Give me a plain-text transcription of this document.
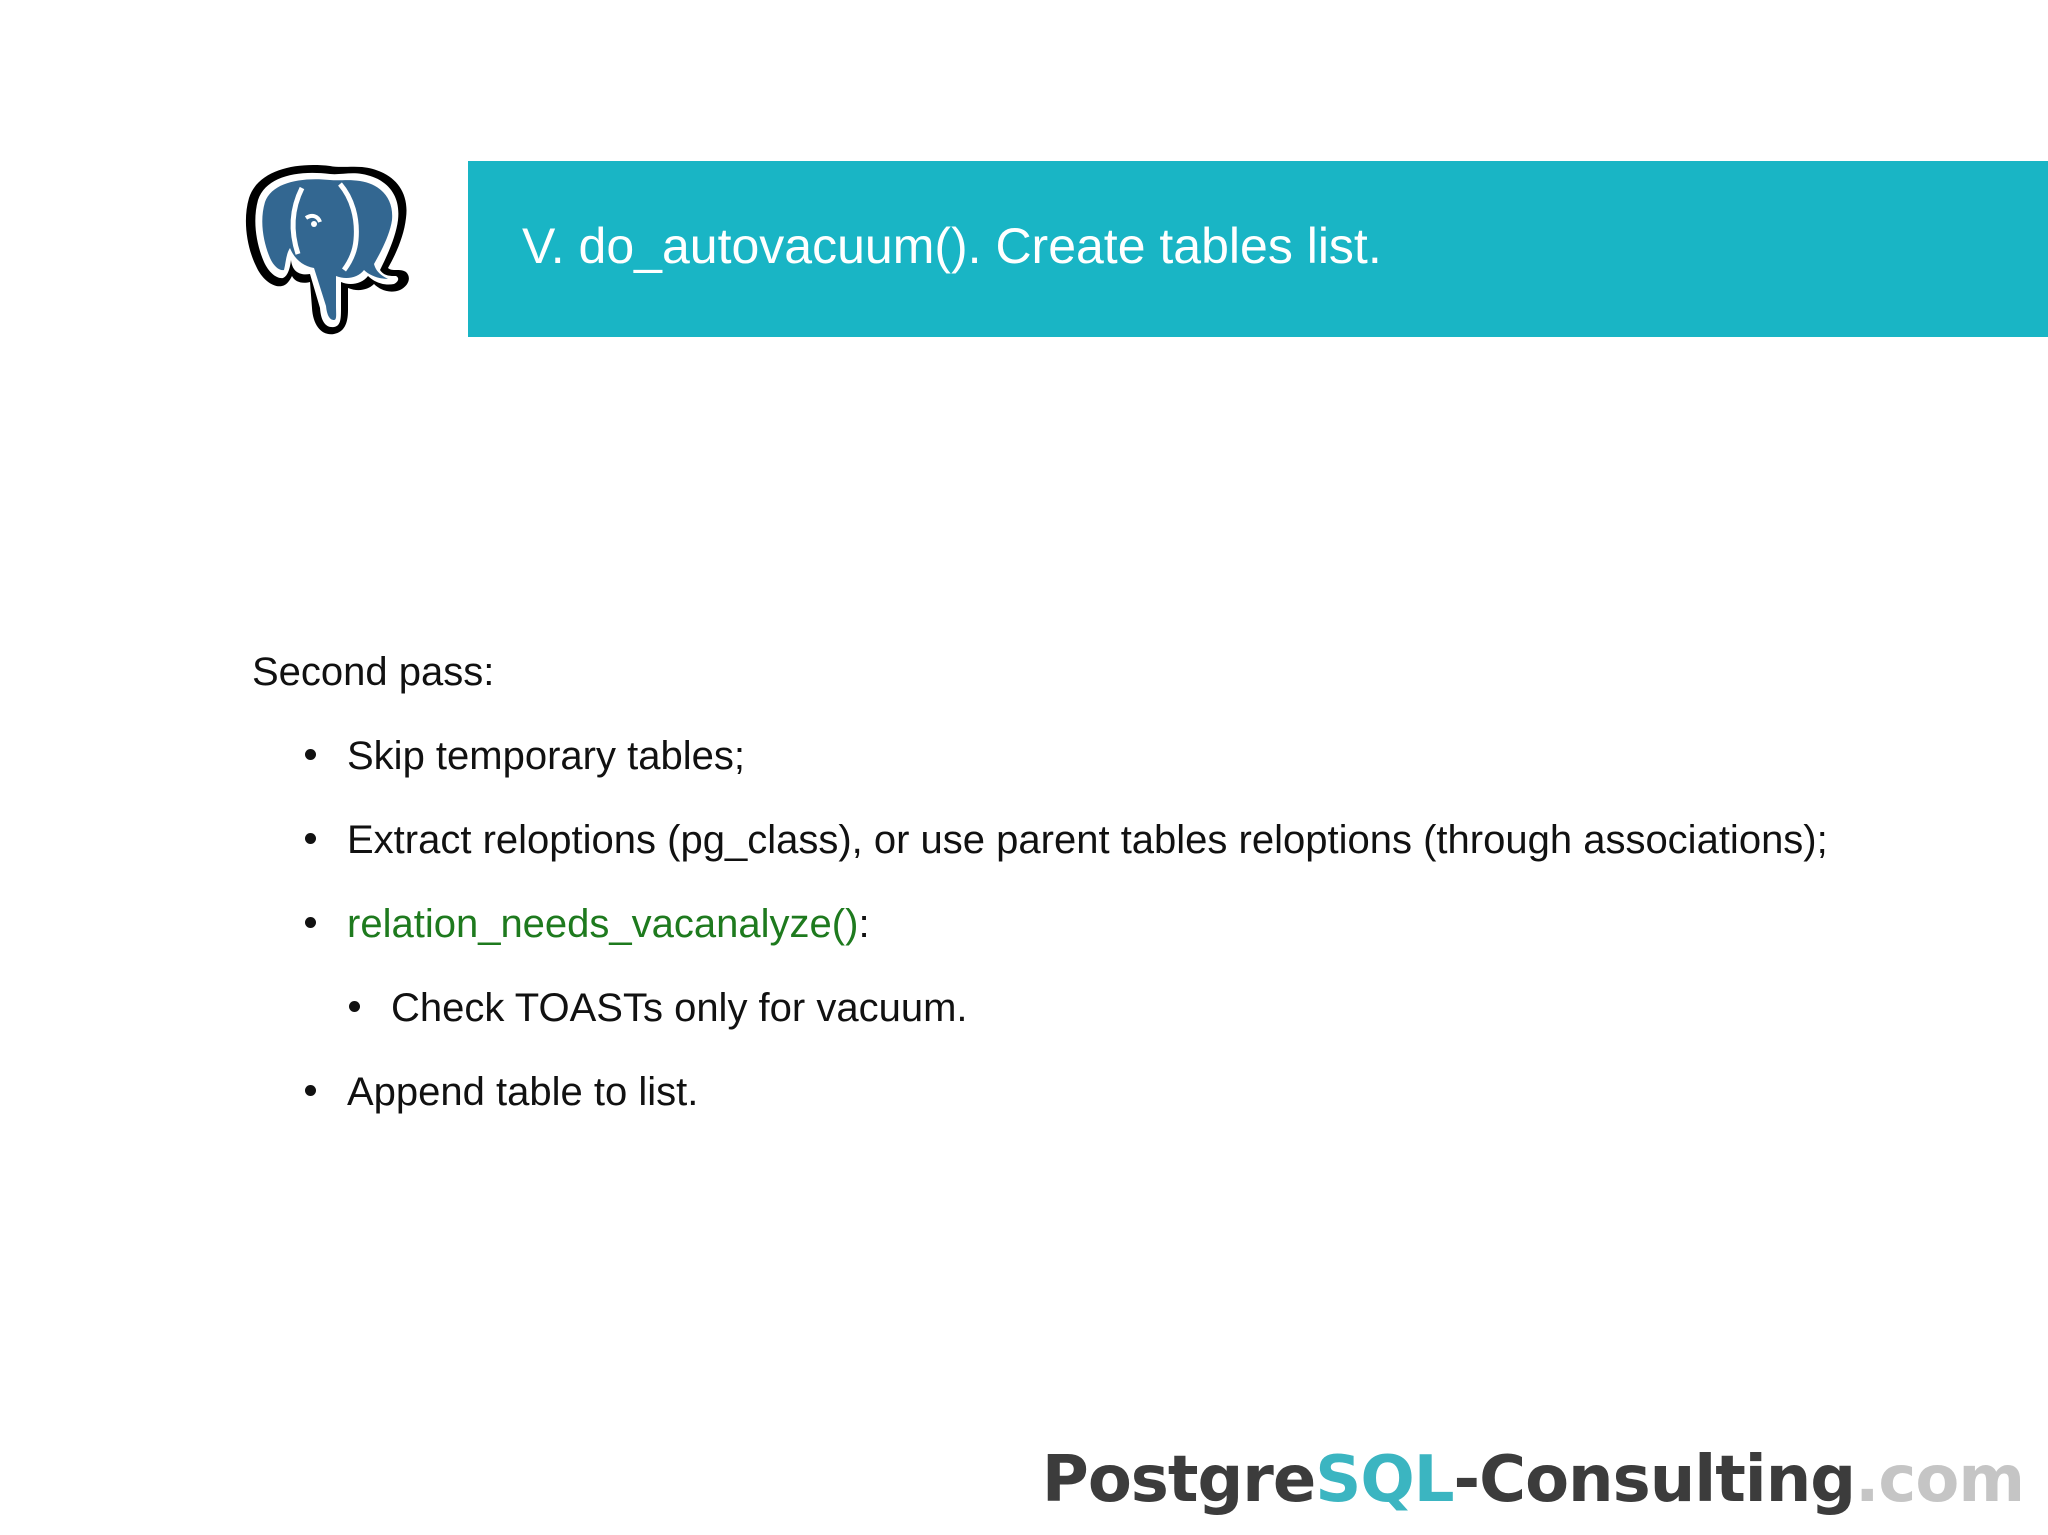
V. do_autovacuum(). Create tables list.
Second pass:
Skip temporary tables;
Extract reloptions (pg_class), or use parent tables reloptions (through associations);
relation_needs_vacanalyze():
Check TOASTs only for vacuum.
Append table to list.
PostgreSQL-Consulting.com
